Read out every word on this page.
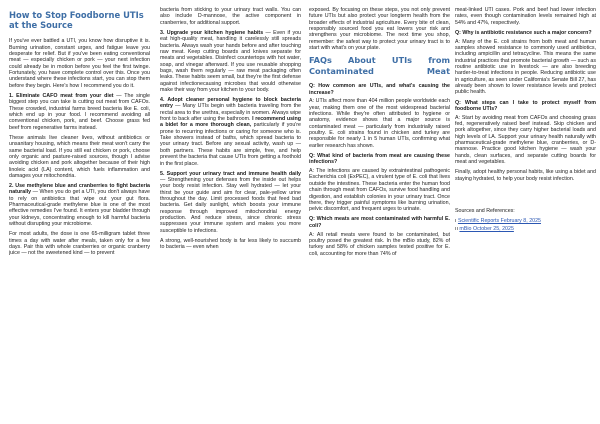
How to Stop Foodborne UTIs at the Source

If you've ever battled a UTI, you know how disruptive it is. Burning urination, constant urges, and fatigue leave you desperate for relief. But if you've been eating conventional meat — especially chicken or pork — your next infection could already be in motion before you feel the first twinge. Fortunately, you have complete control over this. Once you understand where these infections start, you can stop them before they begin. Here's how I recommend you do it.

1. Eliminate CAFO meat from your diet — The single biggest step you can take is cutting out meat from CAFOs. These crowded, industrial farms breed bacteria like E. coli, which end up in your food. I recommend avoiding all conventional chicken, pork, and beef. Choose grass fed beef from regenerative farms instead.

These animals live cleaner lives, without antibiotics or unsanitary housing, which means their meat won't carry the same bacterial load. If you still eat chicken or pork, choose only organic and pasture-raised sources, though I advise avoiding chicken and pork altogether because of their high linoleic acid (LA) content, which fuels inflammation and damages your mitochondria.

2. Use methylene blue and cranberries to fight bacteria naturally — When you do get a UTI, you don't always have to rely on antibiotics that wipe out your gut flora. Pharmaceutical-grade methylene blue is one of the most effective remedies I've found. It enters your bladder through your kidneys, concentrating enough to kill harmful bacteria without disrupting your microbiome.

For most adults, the dose is one 65-milligram tablet three times a day with water after meals, taken only for a few days. Pair this with whole cranberries or organic cranberry juice — not the sweetened kind — to prevent

bacteria from sticking to your urinary tract walls. You can also include D-mannose, the active component in cranberries, for additional support.

3. Upgrade your kitchen hygiene habits — Even if you eat high-quality meat, handling it carelessly still spreads bacteria. Always wash your hands before and after touching raw meat. Keep cutting boards and knives separate for meats and vegetables. Disinfect countertops with hot water, soap, and vinegar afterward. If you use reusable shopping bags, wash them regularly — raw meat packaging often leaks. These habits seem small, but they're the first defense against infectionecausing microbes that would otherwise make their way from your kitchen to your body.

4. Adopt cleaner personal hygiene to block bacteria entry — Many UTIs begin with bacteria traveling from the rectal area to the urethra, especially in women. Always wipe front to back after using the bathroom. I recommend using a bidet for a more thorough clean, particularly if you're prone to recurring infections or caring for someone who is. Take showers instead of baths, which spread bacteria to your urinary tract. Before any sexual activity, wash up — both partners. These habits are simple, free, and help prevent the bacteria that cause UTIs from getting a foothold in the first place.

5. Support your urinary tract and immune health daily — Strengthening your defenses from the inside out helps your body resist infection. Stay well hydrated — let your thirst be your guide and aim for clear, pale-yellow urine throughout the day. Limit processed foods that feed bad bacteria. Get daily sunlight, which boosts your immune response through improved mitochondrial energy production. And reduce stress, since chronic stress suppresses your immune system and makes you more susceptible to infections.

A strong, well-nourished body is far less likely to succumb to bacteria — even when

exposed. By focusing on these steps, you not only prevent future UTIs but also protect your longterm health from the broader effects of industrial agriculture. Every bite of clean, responsibly sourced food you eat lowers your risk and strengthens your microbiome. The next time you shop, remember: the safest way to protect your urinary tract is to start with what's on your plate.

FAQs About UTIs from Contaminated Meat

Q: How common are UTIs, and what's causing the increase?

A: UTIs affect more than 404 million people worldwide each year, making them one of the most widespread bacterial infections. While they're often attributed to hygiene or anatomy, evidence shows that a major source is contaminated meat — particularly from industrially raised poultry. E. coli strains found in chicken and turkey are responsible for nearly 1 in 5 human UTIs, confirming what earlier research has shown.

Q: What kind of bacteria from meat are causing these infections?

A: The infections are caused by extraintestinal pathogenic Escherichia coli (ExPEC), a virulent type of E. coli that lives outside the intestines. These bacteria enter the human food chain through meat from CAFOs, survive food handling and digestion, and establish colonies in your urinary tract. Once there, they trigger painful symptoms like burning urination, pelvic discomfort, and frequent urges to urinate.

Q: Which meats are most contaminated with harmful E. coli?

A: All retail meats were found to be contaminated, but poultry posed the greatest risk. In the mBio study, 82% of turkey and 58% of chicken samples tested positive for E. coli, accounting for more than 74% of

meat-linked UTI cases. Pork and beef had lower infection rates, even though contamination levels remained high at 54% and 47%, respectively.

Q: Why is antibiotic resistance such a major concern?

A: Many of the E. coli strains from both meat and human samples showed resistance to commonly used antibiotics, including ampicillin and tetracycline. This means the same industrial practices that promote bacterial growth — such as routine antibiotic use in livestock — are also breeding harder-to-treat infections in people. Reducing antibiotic use in agriculture, as seen under California's Senate Bill 27, has already been shown to lower resistance levels and protect public health.

Q: What steps can I take to protect myself from foodborne UTIs?

A: Start by avoiding meat from CAFOs and choosing grass fed, regeneratively raised beef instead. Skip chicken and pork altogether, since they carry higher bacterial loads and high levels of LA. Support your urinary health naturally with pharmaceutical-grade methylene blue, cranberries, or D-mannose. Practice good kitchen hygiene — wash your hands, clean surfaces, and separate cutting boards for meat and vegetables.

Finally, adopt healthy personal habits, like using a bidet and staying hydrated, to help your body resist infection.

Sources and References:

ı Scientific Reports February 8, 2025

ıı mBio October 25, 2025
